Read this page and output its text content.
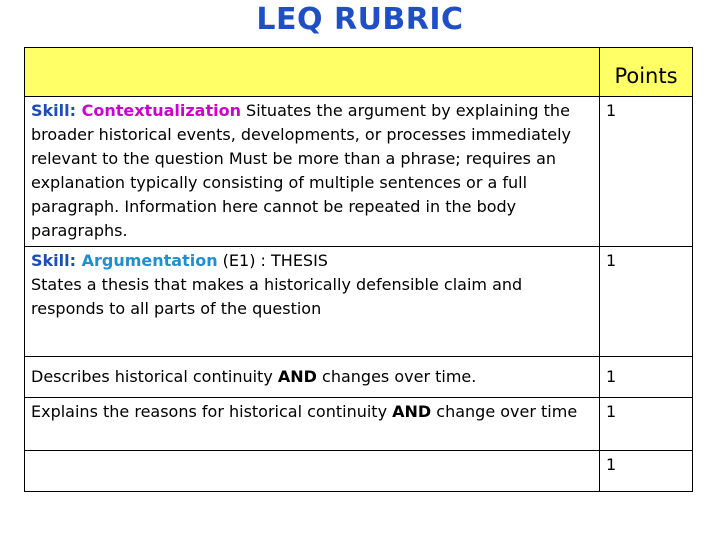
LEQ RUBRIC
	Points
Skill: Contextualization Situates the argument by explaining the broader historical events, developments, or processes immediately relevant to the question Must be more than a phrase; requires an explanation typically consisting of multiple sentences or a full paragraph. Information here cannot be repeated in the body paragraphs.	1
Skill: Argumentation (E1) : THESIS
States a thesis that makes a historically defensible claim and responds to all parts of the question	1
Describes historical continuity AND changes over time.	1
Explains the reasons for historical continuity AND change over time	1
	1
